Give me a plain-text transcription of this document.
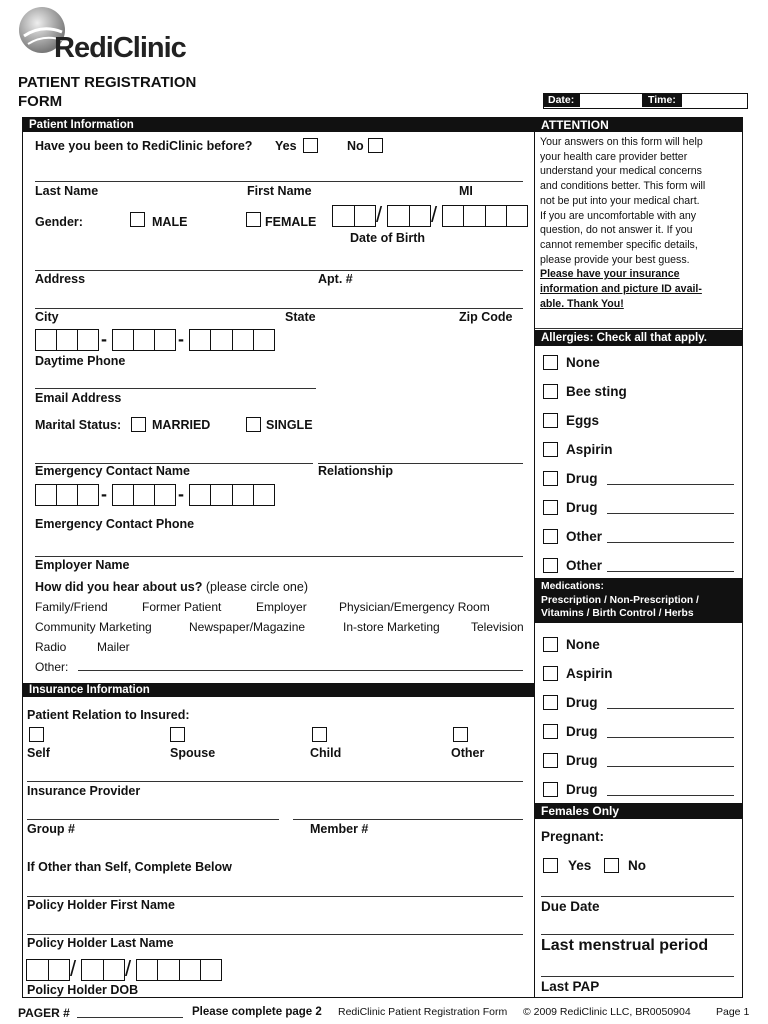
RediClinic
PATIENT REGISTRATION
FORM	Date:	Time:
Patient Information
Have you been to RediClinic before? Yes	No
Last Name	First Name	MI
Gender:	MALE	FEMALE	/ /
Date of Birth
Address	Apt. #
City	State	Zip Code
-	-
Daytime Phone
Email Address
Marital Status: MARRIED	SINGLE
Emergency Contact Name	Relationship
-	-
Emergency Contact Phone
Employer Name
How did you hear about us? (please circle one)
Family/Friend	Former Patient	Employer	Physician/Emergency Room
Community Marketing	Newspaper/Magazine	In-store Marketing	Television
Radio	Mailer
Other:
Insurance Information
Patient Relation to Insured:
Self	Spouse	Child	Other
Insurance Provider
Group #	Member #
If Other than Self, Complete Below
Policy Holder First Name
Policy Holder Last Name
/ /
Policy Holder DOB
ATTENTION
Your answers on this form will help
your health care provider better
understand your medical concerns
and conditions better. This form will
not be put into your medical chart.
If you are uncomfortable with any
question, do not answer it. If you
cannot remember specific details,
please provide your best guess.
Please have your insurance
information and picture ID avail-
able. Thank You!
Allergies: Check all that apply.
None
Bee sting
Eggs
Aspirin
Drug
Drug
Other
Other
Medications:
Prescription / Non-Prescription /
Vitamins / Birth Control / Herbs
None
Aspirin
Drug
Drug
Drug
Drug
Females Only
Pregnant:
Yes	No
Due Date
Last menstrual period
Last PAP
PAGER #	Please complete page 2 RediClinic Patient Registration Form © 2009 RediClinic LLC, BR0050904 Page 1
